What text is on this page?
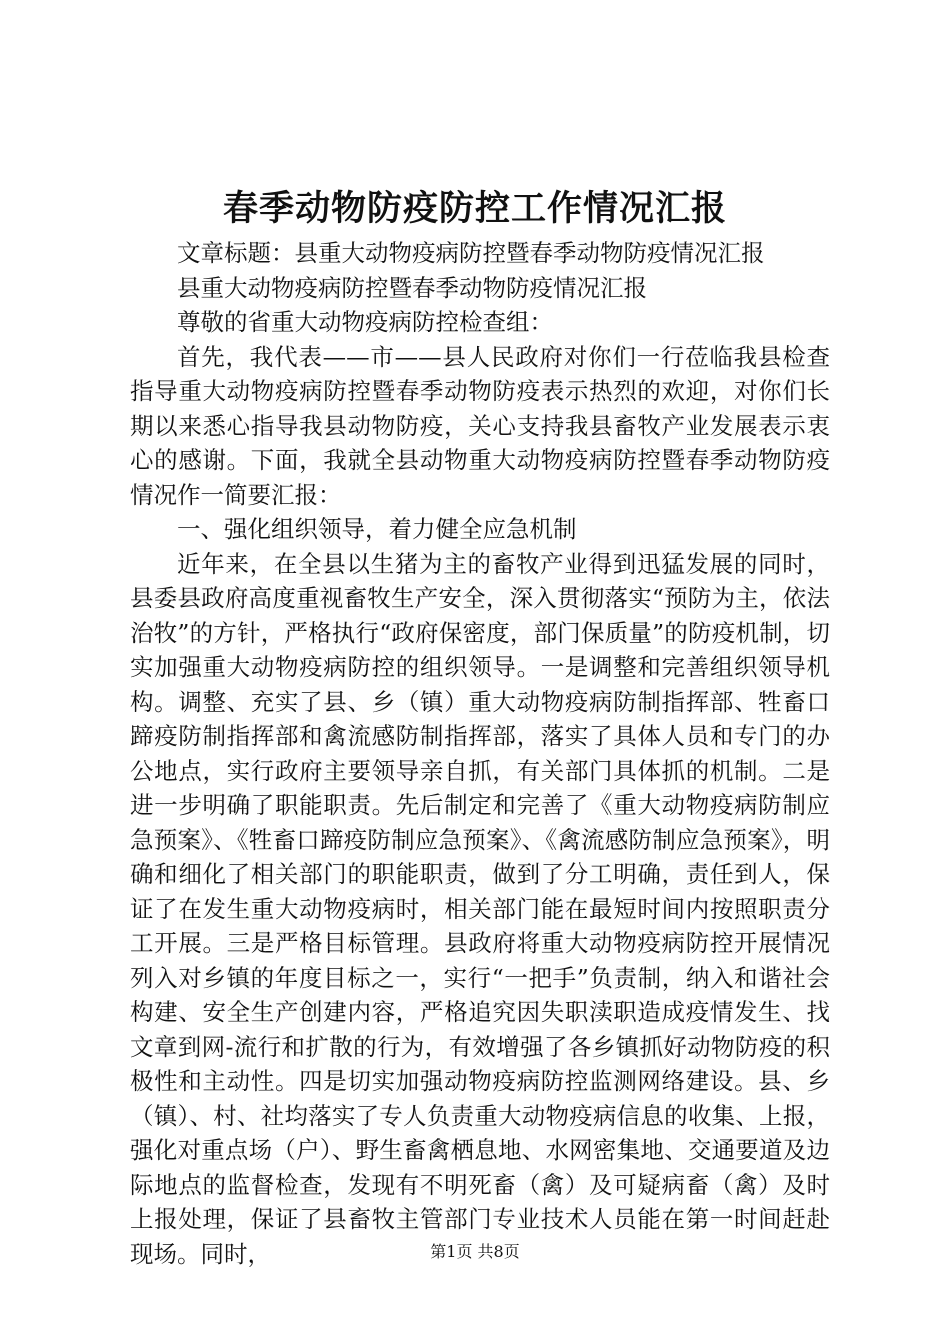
春季动物防疫防控工作情况汇报

文章标题：县重大动物疫病防控暨春季动物防疫情况汇报

县重大动物疫病防控暨春季动物防疫情况汇报

尊敬的省重大动物疫病防控检查组：

首先，我代表——市——县人民政府对你们一行莅临我县检查指导重大动物疫病防控暨春季动物防疫表示热烈的欢迎，对你们长期以来悉心指导我县动物防疫，关心支持我县畜牧产业发展表示衷心的感谢。下面，我就全县动物重大动物疫病防控暨春季动物防疫情况作一简要汇报：

一、强化组织领导，着力健全应急机制

近年来，在全县以生猪为主的畜牧产业得到迅猛发展的同时，县委县政府高度重视畜牧生产安全，深入贯彻落实“预防为主，依法治牧”的方针，严格执行“政府保密度，部门保质量”的防疫机制，切实加强重大动物疫病防控的组织领导。一是调整和完善组织领导机构。调整、充实了县、乡（镇）重大动物疫病防制指挥部、牲畜口蹄疫防制指挥部和禽流感防制指挥部，落实了具体人员和专门的办公地点，实行政府主要领导亲自抓，有关部门具体抓的机制。二是进一步明确了职能职责。先后制定和完善了《重大动物疫病防制应急预案》、《牲畜口蹄疫防制应急预案》、《禽流感防制应急预案》，明确和细化了相关部门的职能职责，做到了分工明确，责任到人，保证了在发生重大动物疫病时，相关部门能在最短时间内按照职责分工开展。三是严格目标管理。县政府将重大动物疫病防控开展情况列入对乡镇的年度目标之一，实行“一把手”负责制，纳入和谐社会构建、安全生产创建内容，严格追究因失职渎职造成疫情发生、找文章到网-流行和扩散的行为，有效增强了各乡镇抓好动物防疫的积极性和主动性。四是切实加强动物疫病防控监测网络建设。县、乡（镇）、村、社均落实了专人负责重大动物疫病信息的收集、上报，强化对重点场（户）、野生畜禽栖息地、水网密集地、交通要道及边际地点的监督检查，发现有不明死畜（禽）及可疑病畜（禽）及时上报处理，保证了县畜牧主管部门专业技术人员能在第一时间赶赴现场。同时，	第1页 共8页
